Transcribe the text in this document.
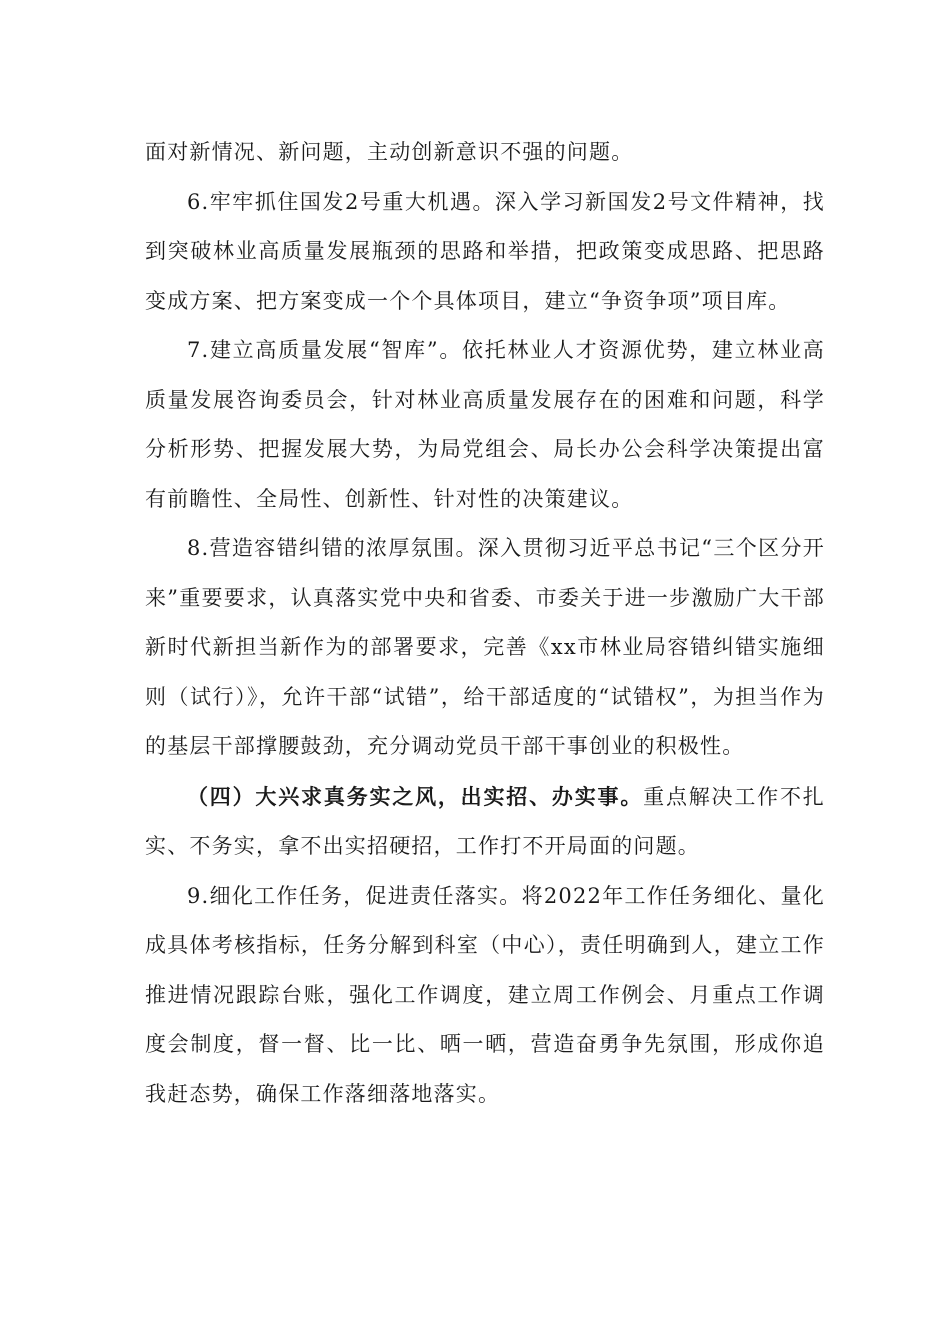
面对新情况、新问题，主动创新意识不强的问题。

6.牢牢抓住国发2号重大机遇。深入学习新国发2号文件精神，找到突破林业高质量发展瓶颈的思路和举措，把政策变成思路、把思路变成方案、把方案变成一个个具体项目，建立“争资争项”项目库。

7.建立高质量发展“智库”。依托林业人才资源优势，建立林业高质量发展咨询委员会，针对林业高质量发展存在的困难和问题，科学分析形势、把握发展大势，为局党组会、局长办公会科学决策提出富有前瞻性、全局性、创新性、针对性的决策建议。

8.营造容错纠错的浓厚氛围。深入贯彻习近平总书记“三个区分开来”重要要求，认真落实党中央和省委、市委关于进一步激励广大干部新时代新担当新作为的部署要求，完善《xx市林业局容错纠错实施细则（试行）》，允许干部“试错”，给干部适度的“试错权”，为担当作为的基层干部撑腰鼓劲，充分调动党员干部干事创业的积极性。

（四）大兴求真务实之风，出实招、办实事。重点解决工作不扎实、不务实，拿不出实招硬招，工作打不开局面的问题。

9.细化工作任务，促进责任落实。将2022年工作任务细化、量化成具体考核指标，任务分解到科室（中心），责任明确到人，建立工作推进情况跟踪台账，强化工作调度，建立周工作例会、月重点工作调度会制度，督一督、比一比、晒一晒，营造奋勇争先氛围，形成你追我赶态势，确保工作落细落地落实。
